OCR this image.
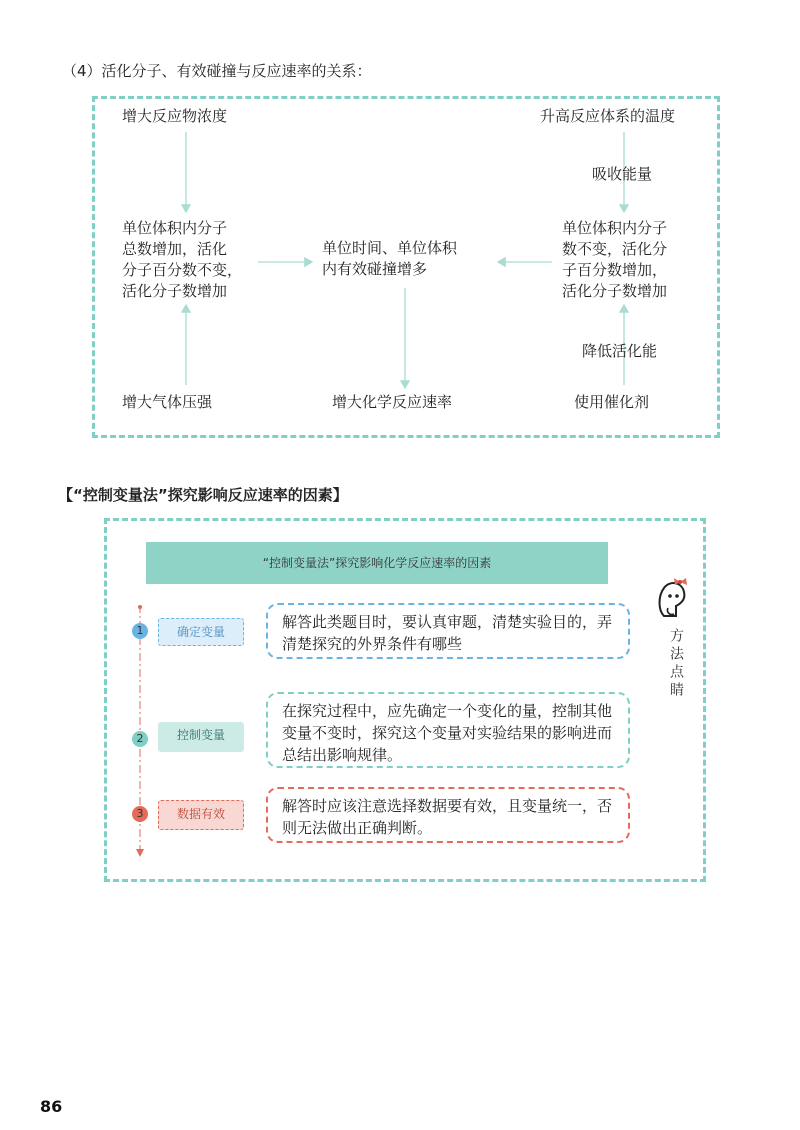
（4）活化分子、有效碰撞与反应速率的关系：
增大反应物浓度	升高反应体系的温度
吸收能量
单位体积内分子
总数增加，活化
分子百分数不变，
活化分子数增加
单位时间、单位体积
内有效碰撞增多
单位体积内分子
数不变，活化分
子百分数增加，
活化分子数增加
降低活化能
增大气体压强	增大化学反应速率	使用催化剂
【“控制变量法”探究影响反应速率的因素】
“控制变量法”探究影响化学反应速率的因素
1	确定变量
解答此类题目时，要认真审题，清楚实验目的，弄清楚探究的外界条件有哪些
2	控制变量
在探究过程中，应先确定一个变化的量，控制其他变量不变时，探究这个变量对实验结果的影响进而总结出影响规律。
3	数据有效	解答时应该注意选择数据要有效，且变量统一，否则无法做出正确判断。
方法点睛
86
